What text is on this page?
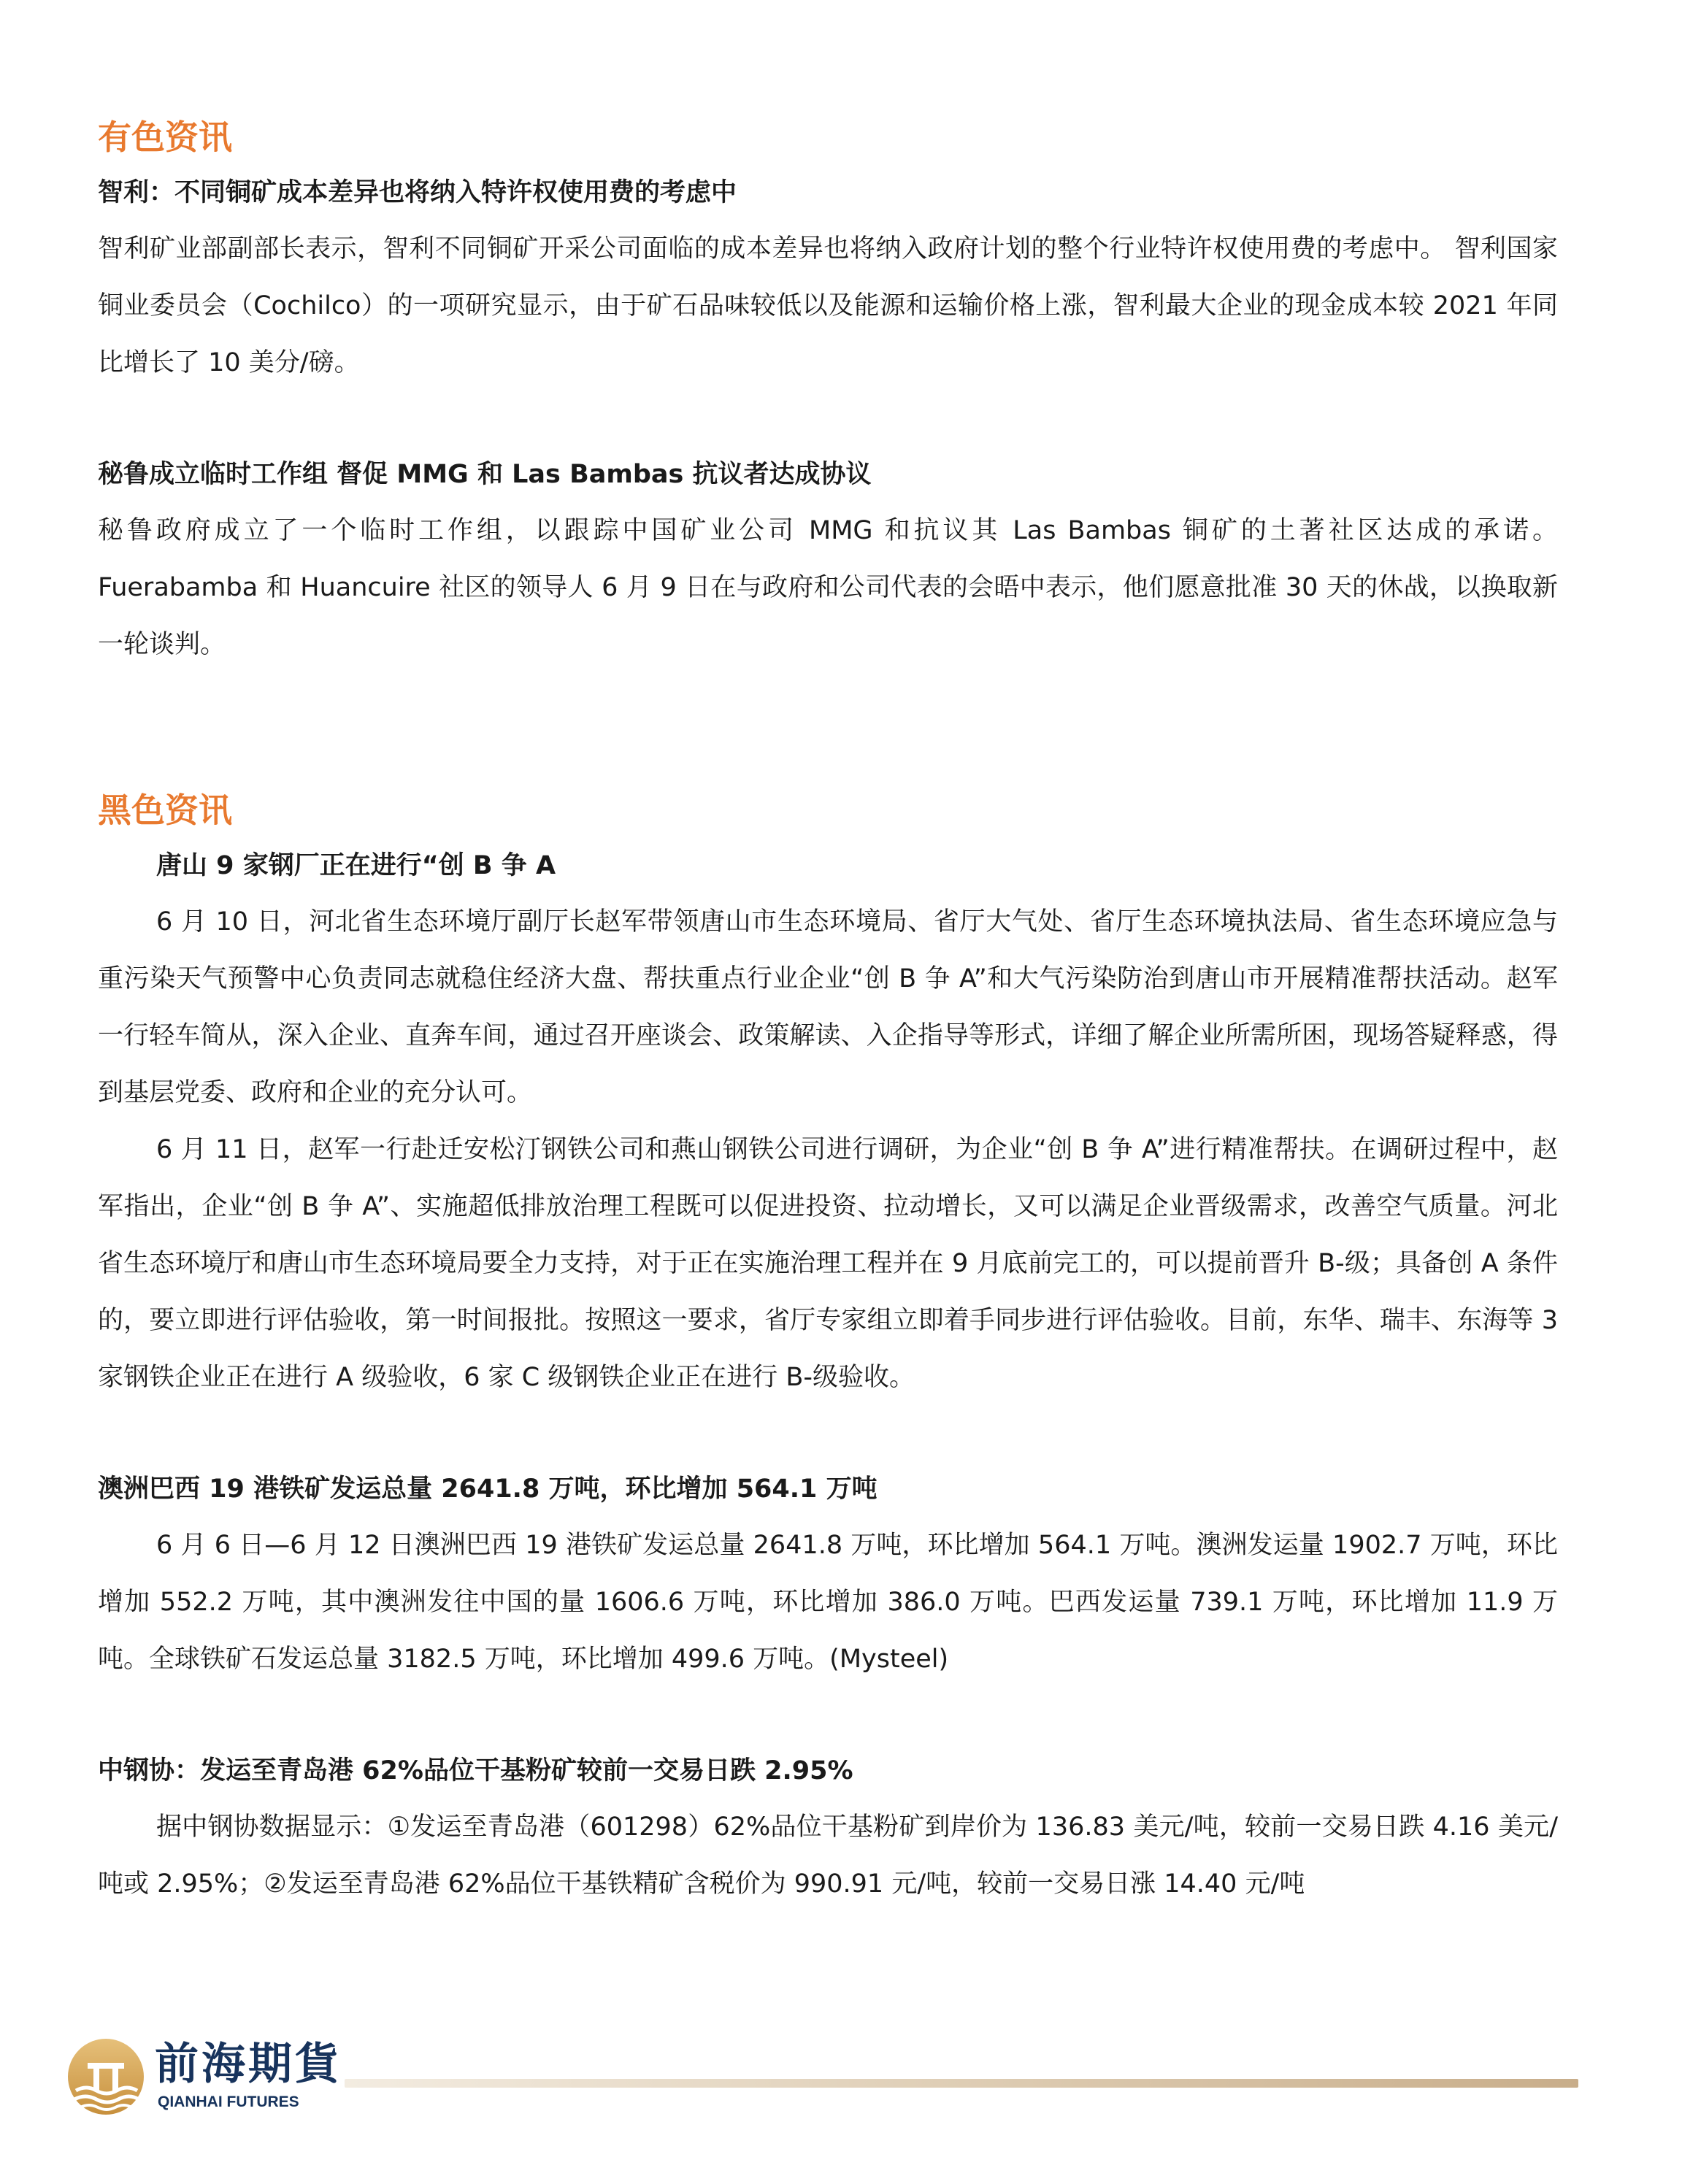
有色资讯
智利：不同铜矿成本差异也将纳入特许权使用费的考虑中

智利矿业部副部长表示，智利不同铜矿开采公司面临的成本差异也将纳入政府计划的整个行业特许权使用费的考虑中。 智利国家铜业委员会（Cochilco）的一项研究显示，由于矿石品味较低以及能源和运输价格上涨，智利最大企业的现金成本较 2021 年同比增长了 10 美分/磅。

秘鲁成立临时工作组 督促 MMG 和 Las Bambas 抗议者达成协议

秘鲁政府成立了一个临时工作组，以跟踪中国矿业公司 MMG 和抗议其 Las Bambas 铜矿的土著社区达成的承诺。 Fuerabamba 和 Huancuire 社区的领导人 6 月 9 日在与政府和公司代表的会晤中表示，他们愿意批准 30 天的休战，以换取新一轮谈判。

黑色资讯
唐山 9 家钢厂正在进行“创 B 争 A

6 月 10 日，河北省生态环境厅副厅长赵军带领唐山市生态环境局、省厅大气处、省厅生态环境执法局、省生态环境应急与重污染天气预警中心负责同志就稳住经济大盘、帮扶重点行业企业“创 B 争 A”和大气污染防治到唐山市开展精准帮扶活动。赵军一行轻车简从，深入企业、直奔车间，通过召开座谈会、政策解读、入企指导等形式，详细了解企业所需所困，现场答疑释惑，得到基层党委、政府和企业的充分认可。

6 月 11 日，赵军一行赴迁安松汀钢铁公司和燕山钢铁公司进行调研，为企业“创 B 争 A”进行精准帮扶。在调研过程中，赵军指出，企业“创 B 争 A”、实施超低排放治理工程既可以促进投资、拉动增长，又可以满足企业晋级需求，改善空气质量。河北省生态环境厅和唐山市生态环境局要全力支持，对于正在实施治理工程并在 9 月底前完工的，可以提前晋升 B-级；具备创 A 条件的，要立即进行评估验收，第一时间报批。按照这一要求，省厅专家组立即着手同步进行评估验收。目前，东华、瑞丰、东海等 3 家钢铁企业正在进行 A 级验收，6 家 C 级钢铁企业正在进行 B-级验收。

澳洲巴西 19 港铁矿发运总量 2641.8 万吨，环比增加 564.1 万吨

6 月 6 日—6 月 12 日澳洲巴西 19 港铁矿发运总量 2641.8 万吨，环比增加 564.1 万吨。澳洲发运量 1902.7 万吨，环比增加 552.2 万吨，其中澳洲发往中国的量 1606.6 万吨，环比增加 386.0 万吨。巴西发运量 739.1 万吨，环比增加 11.9 万吨。全球铁矿石发运总量 3182.5 万吨，环比增加 499.6 万吨。(Mysteel)

中钢协：发运至青岛港 62%品位干基粉矿较前一交易日跌 2.95%

据中钢协数据显示：①发运至青岛港（601298）62%品位干基粉矿到岸价为 136.83 美元/吨，较前一交易日跌 4.16 美元/吨或 2.95%；②发运至青岛港 62%品位干基铁精矿含税价为 990.91 元/吨，较前一交易日涨 14.40 元/吨

前海期貨
QIANHAI FUTURES
